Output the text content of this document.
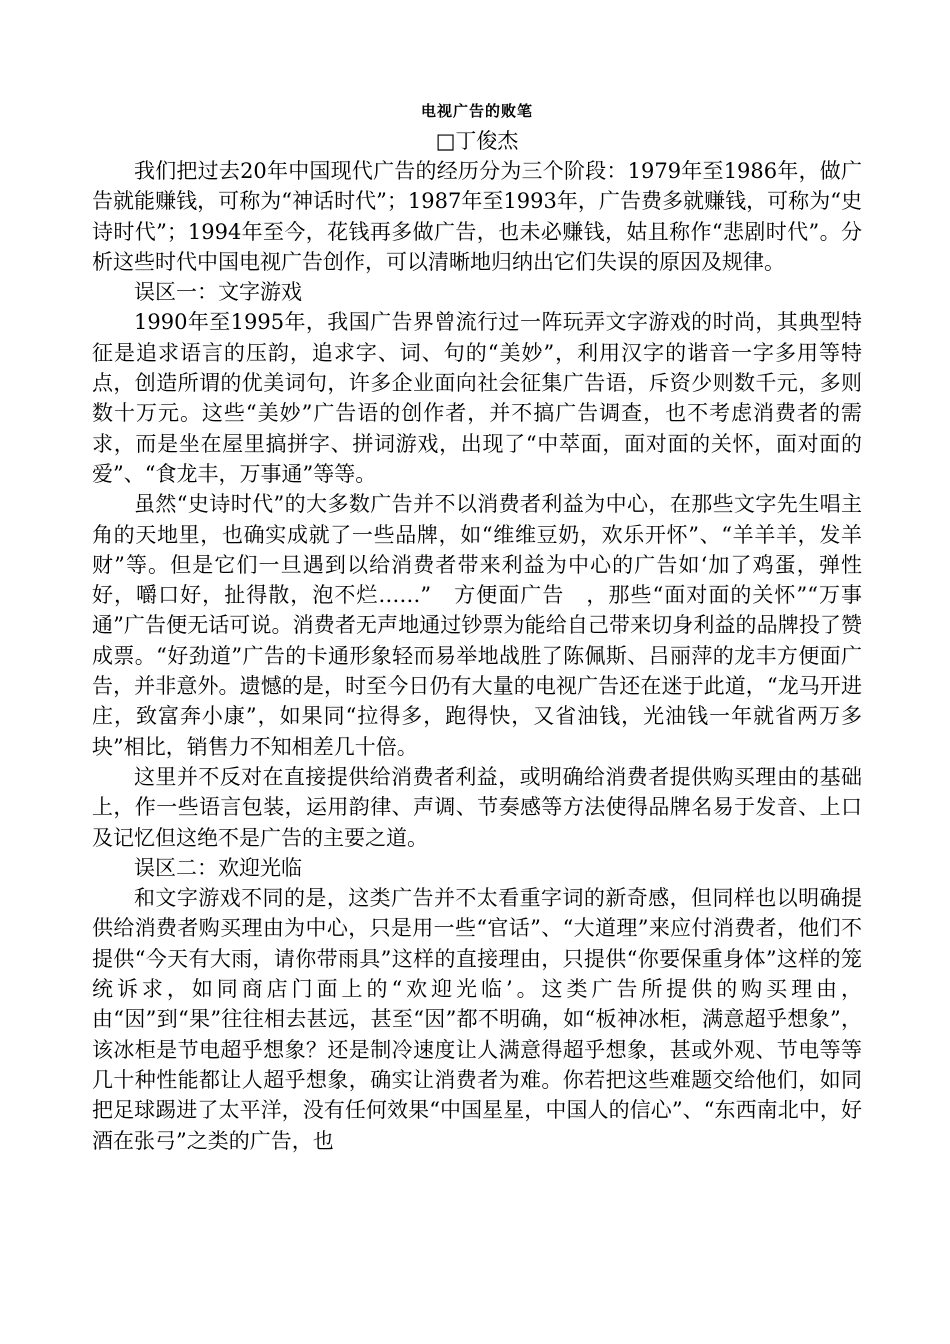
电视广告的败笔

□丁俊杰

我们把过去20年中国现代广告的经历分为三个阶段：1979年至1986年，做广告就能赚钱，可称为“神话时代”；1987年至1993年，广告费多就赚钱，可称为“史诗时代”；1994年至今，花钱再多做广告，也未必赚钱，姑且称作“悲剧时代”。分析这些时代中国电视广告创作，可以清晰地归纳出它们失误的原因及规律。

误区一：文字游戏

1990年至1995年，我国广告界曾流行过一阵玩弄文字游戏的时尚，其典型特征是追求语言的压韵，追求字、词、句的“美妙”，利用汉字的谐音一字多用等特点，创造所谓的优美词句，许多企业面向社会征集广告语，斥资少则数千元，多则数十万元。这些“美妙”广告语的创作者，并不搞广告调查，也不考虑消费者的需求，而是坐在屋里搞拼字、拼词游戏，出现了“中萃面，面对面的关怀，面对面的爱”、“食龙丰，万事通”等等。

虽然“史诗时代”的大多数广告并不以消费者利益为中心，在那些文字先生唱主角的天地里，也确实成就了一些品牌，如“维维豆奶，欢乐开怀”、“羊羊羊，发羊财”等。但是它们一旦遇到以给消费者带来利益为中心的广告如‘加了鸡蛋，弹性好，嚼口好，扯得散，泡不烂……”　方便面广告　，那些“面对面的关怀”“万事通”广告便无话可说。消费者无声地通过钞票为能给自己带来切身利益的品牌投了赞成票。“好劲道”广告的卡通形象轻而易举地战胜了陈佩斯、吕丽萍的龙丰方便面广告，并非意外。遗憾的是，时至今日仍有大量的电视广告还在迷于此道，“龙马开进庄，致富奔小康”，如果同“拉得多，跑得快，又省油钱，光油钱一年就省两万多块”相比，销售力不知相差几十倍。

这里并不反对在直接提供给消费者利益，或明确给消费者提供购买理由的基础上，作一些语言包装，运用韵律、声调、节奏感等方法使得品牌名易于发音、上口及记忆但这绝不是广告的主要之道。

误区二：欢迎光临

和文字游戏不同的是，这类广告并不太看重字词的新奇感，但同样也以明确提供给消费者购买理由为中心，只是用一些“官话”、“大道理”来应付消费者，他们不提供“今天有大雨，请你带雨具”这样的直接理由，只提供“你要保重身体”这样的笼统诉求，如同商店门面上的“欢迎光临’。这类广告所提供的购买理由，由“因”到“果”往往相去甚远，甚至“因”都不明确，如“板神冰柜，满意超乎想象”，该冰柜是节电超乎想象？还是制冷速度让人满意得超乎想象，甚或外观、节电等等几十种性能都让人超乎想象，确实让消费者为难。你若把这些难题交给他们，如同把足球踢进了太平洋，没有任何效果“中国星星，中国人的信心”、“东西南北中，好酒在张弓”之类的广告，也
